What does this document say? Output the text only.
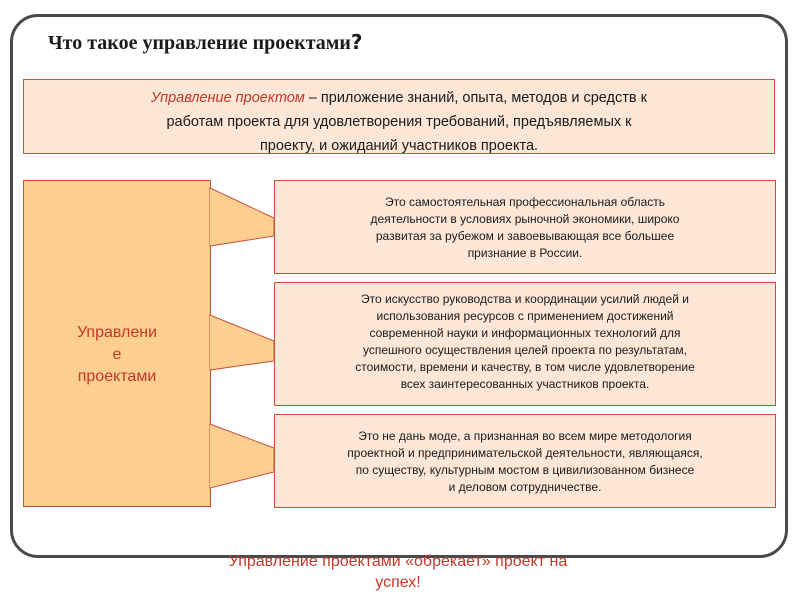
Что такое управление проектами?
Управление проектом – приложение знаний, опыта, методов и средств к
работам проекта для удовлетворения требований, предъявляемых к
проекту, и ожиданий участников проекта.
Управлени
е
проектами
Это самостоятельная профессиональная область
деятельности в условиях рыночной экономики, широко
развитая за рубежом и завоевывающая все большее
признание в России.
Это искусство руководства и координации усилий людей и
использования ресурсов с применением достижений
современной науки и информационных технологий для
успешного осуществления целей проекта по результатам,
стоимости, времени и качеству, в том числе удовлетворение
всех заинтересованных участников проекта.
Это не дань моде, а признанная во всем мире методология
проектной и предпринимательской деятельности, являющаяся,
по существу, культурным мостом в цивилизованном бизнесе
и деловом сотрудничестве.
Управление проектами «обрекает» проект на
успех!
